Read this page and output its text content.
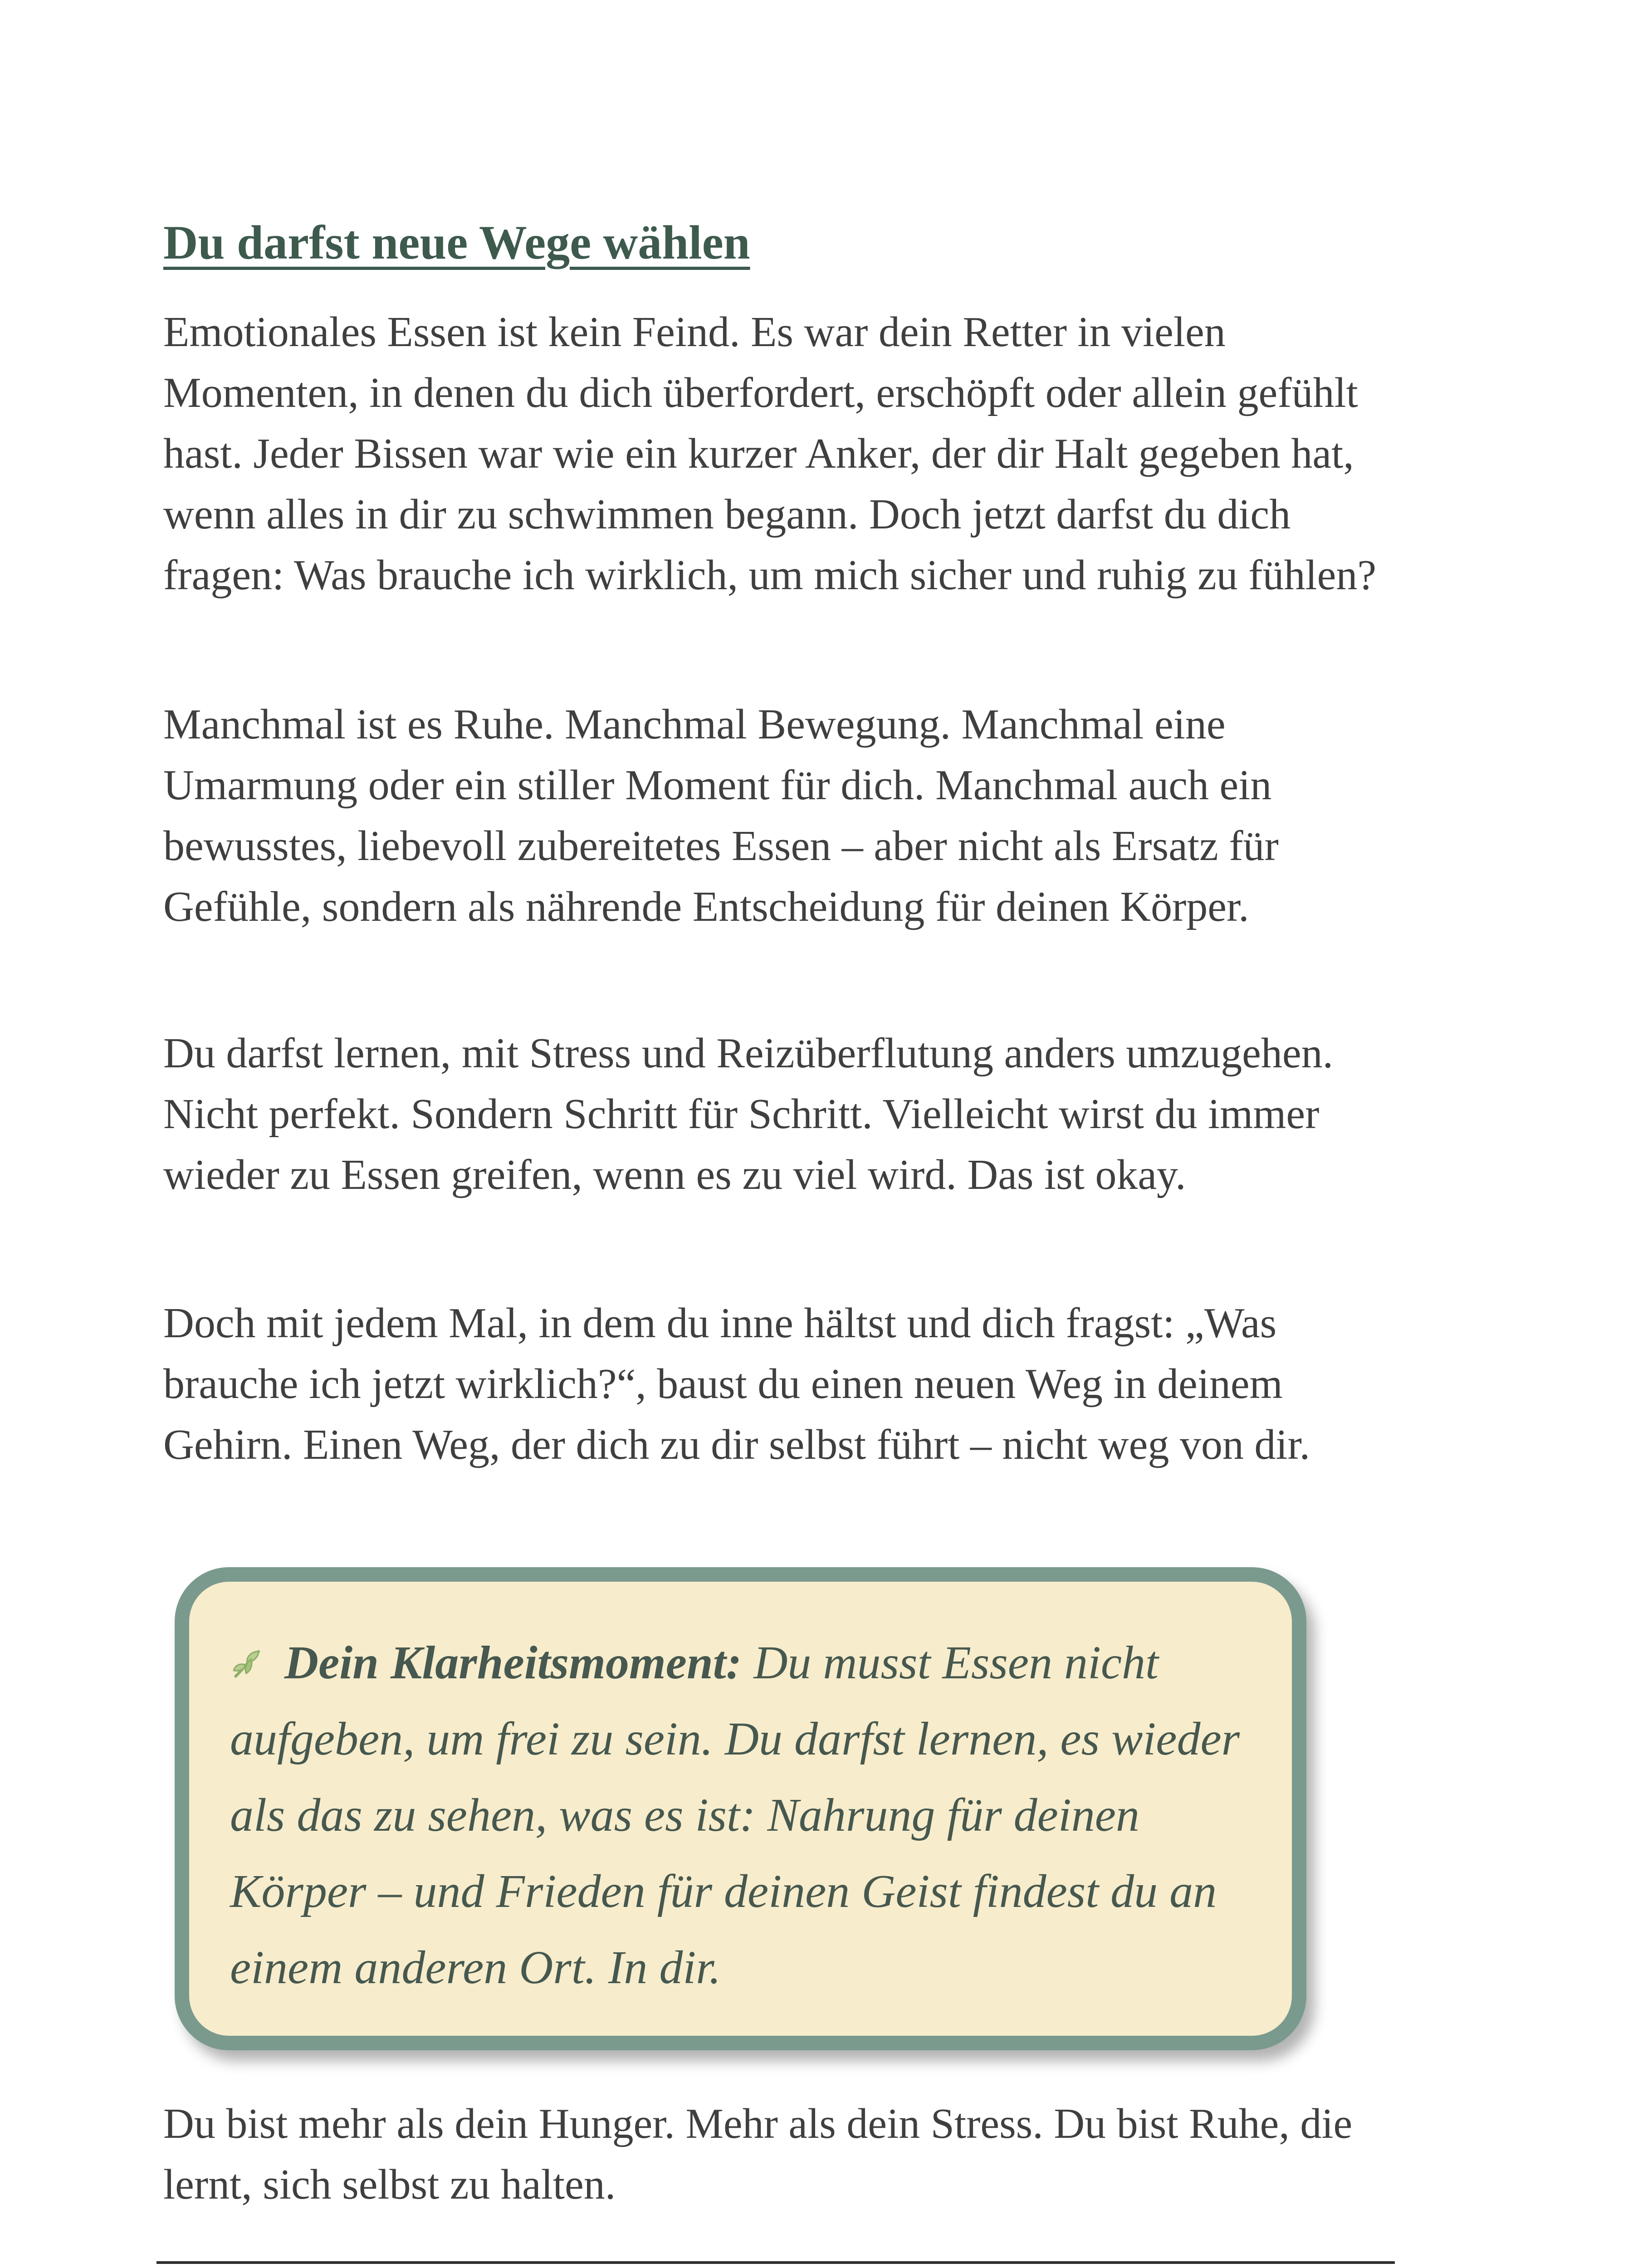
Du darfst neue Wege wählen

Emotionales Essen ist kein Feind. Es war dein Retter in vielen Momenten, in denen du dich überfordert, erschöpft oder allein gefühlt hast. Jeder Bissen war wie ein kurzer Anker, der dir Halt gegeben hat, wenn alles in dir zu schwimmen begann. Doch jetzt darfst du dich fragen: Was brauche ich wirklich, um mich sicher und ruhig zu fühlen?

Manchmal ist es Ruhe. Manchmal Bewegung. Manchmal eine Umarmung oder ein stiller Moment für dich. Manchmal auch ein bewusstes, liebevoll zubereitetes Essen – aber nicht als Ersatz für Gefühle, sondern als nährende Entscheidung für deinen Körper.

Du darfst lernen, mit Stress und Reizüberflutung anders umzugehen. Nicht perfekt. Sondern Schritt für Schritt. Vielleicht wirst du immer wieder zu Essen greifen, wenn es zu viel wird. Das ist okay.

Doch mit jedem Mal, in dem du inne hältst und dich fragst: „Was brauche ich jetzt wirklich?“, baust du einen neuen Weg in deinem Gehirn. Einen Weg, der dich zu dir selbst führt – nicht weg von dir.

Dein Klarheitsmoment: Du musst Essen nicht aufgeben, um frei zu sein. Du darfst lernen, es wieder als das zu sehen, was es ist: Nahrung für deinen Körper – und Frieden für deinen Geist findest du an einem anderen Ort. In dir.

Du bist mehr als dein Hunger. Mehr als dein Stress. Du bist Ruhe, die lernt, sich selbst zu halten.
